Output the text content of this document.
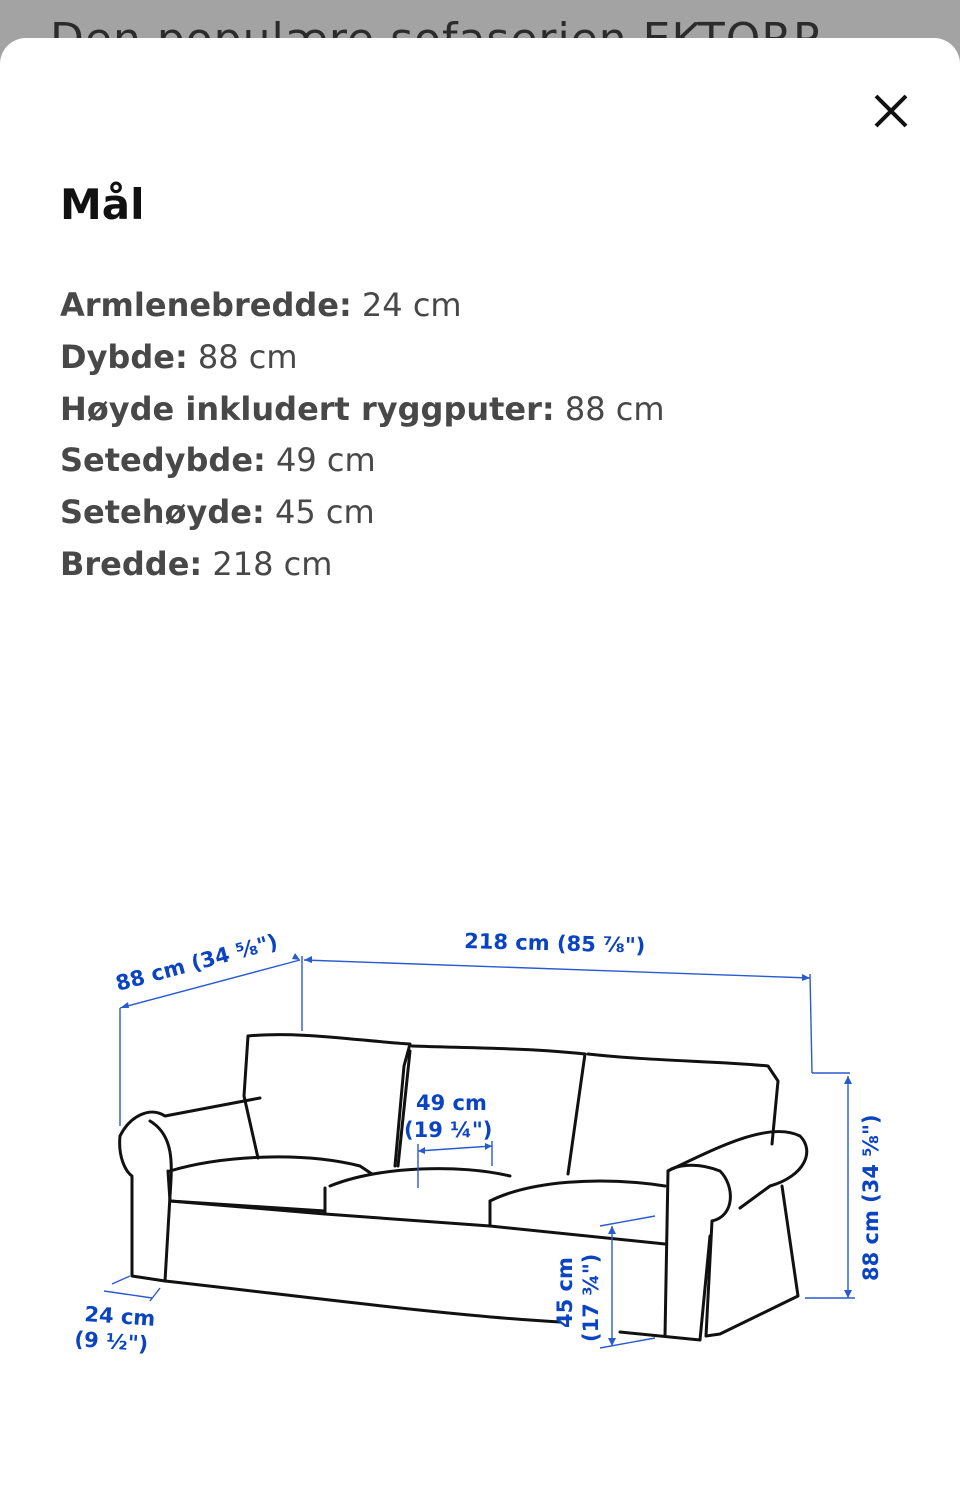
Mål
Armlenebredde: 24 cm
Dybde: 88 cm
Høyde inkludert ryggputer: 88 cm
Setedybde: 49 cm
Setehøyde: 45 cm
Bredde: 218 cm
88 cm (34 ⅝")	218 cm (85 ⅞")
49 cm
(19 ¼")	88 cm (34 ⅝")
45 cm (17 ¾")
24 cm
(9 ½")
